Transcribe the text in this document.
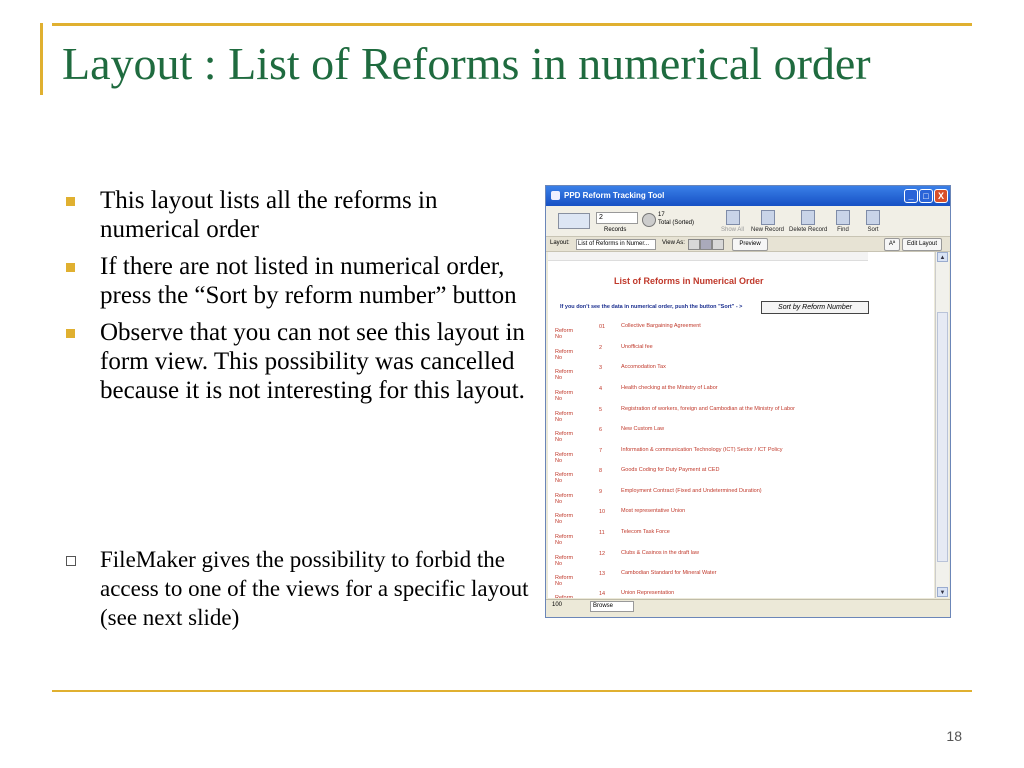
Layout : List of Reforms in numerical order
This layout lists all the reforms in numerical order
If there are not listed in numerical order, press the “Sort by reform number” button
Observe that you can not see this layout in form view. This possibility was cancelled because it is not interesting for this layout.
FileMaker gives the possibility to forbid the access to one of the views for a specific layout (see next slide)
PPD Reform Tracking Tool	_	□	X
2
Records
17
Total (Sorted)
Show All New Record Delete Record Find	Sort
Layout:	List of Reforms in Numer...	View As:	Preview	Aª	Edit Layout
List of Reforms in Numerical Order
If you don't see the data in numerical order, push the button "Sort" - >	Sort by Reform Number
Reform No
01	Collective Bargaining Agreement
Reform No
2	Unofficial fee
Reform No
3	Accomodation Tax
Reform No
4	Health checking at the Ministry of Labor
Reform No
5	Registration of workers, foreign and Cambodian at the Ministry of Labor
Reform No
6	New Custom Law
Reform No
7	Information & communication Technology (ICT) Sector / ICT Policy
Reform No
8	Goods Coding for Duty Payment at CED
Reform No
9	Employment Contract (Fixed and Undetermined Duration)
Reform No
10	Most representative Union
Reform No
11	Telecom Task Force
Reform No
12	Clubs & Casinos in the draft law
Reform No
13	Cambodian Standard for Mineral Water
Reform
14	Union Representation
▲
▼
100	Browse
18
